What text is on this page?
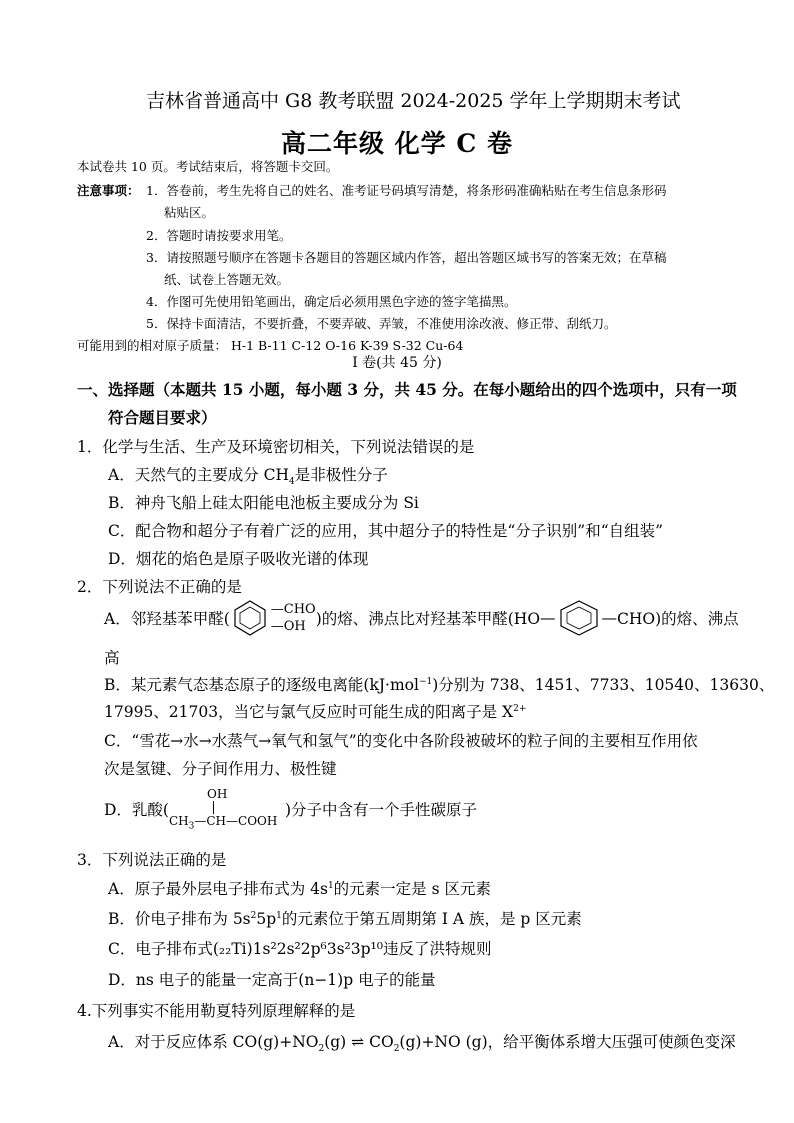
吉林省普通高中 G8 教考联盟 2024-2025 学年上学期期末考试
高二年级 化学 C 卷
本试卷共 10 页。考试结束后，将答题卡交回。
注意事项： 1．答卷前，考生先将自己的姓名、准考证号码填写清楚，将条形码准确粘贴在考生信息条形码
粘贴区。
2．答题时请按要求用笔。
3．请按照题号顺序在答题卡各题目的答题区域内作答，超出答题区域书写的答案无效；在草稿
纸、试卷上答题无效。
4．作图可先使用铅笔画出，确定后必须用黑色字迹的签字笔描黑。
5．保持卡面清洁，不要折叠，不要弄破、弄皱，不准使用涂改液、修正带、刮纸刀。
可能用到的相对原子质量： H-1 B-11 C-12 O-16 K-39 S-32 Cu-64
I 卷(共 45 分)
一、选择题（本题共 15 小题，每小题 3 分，共 45 分。在每小题给出的四个选项中，只有一项
符合题目要求）
1．化学与生活、生产及环境密切相关，下列说法错误的是
A．天然气的主要成分 $CH_4$是非极性分子
B．神舟飞船上硅太阳能电池板主要成分为 Si
C．配合物和超分子有着广泛的应用，其中超分子的特性是“分子识别”和“自组装”
D．烟花的焰色是原子吸收光谱的体现
2．下列说法不正确的是
A．邻羟基苯甲醛(
—CHO
—OH )的熔、沸点比对羟基苯甲醛(HO —	— CHO)的熔、沸点
高
B．某元素气态基态原子的逐级电离能(kJ·mol$^{-1}$)分别为 738、1451、7733、10540、13630、
17995、21703，当它与氯气反应时可能生成的阳离子是 $X^{2+}$
C．“雪花→水→水蒸气→氧气和氢气”的变化中各阶段被破坏的粒子间的主要相互作用依
次是氢键、分子间作用力、极性键
D．乳酸(
OH
$CH_3—CH—COOH$
)分子中含有一个手性碳原子
3．下列说法正确的是
A．原子最外层电子排布式为 $4s^1$的元素一定是 s 区元素
B．价电子排布为 $5s^25p^1$的元素位于第五周期第 I A 族，是 p 区元素
C．电子排布式(₂₂Ti)1s²2s²2p⁶3s²3p¹⁰违反了洪特规则
D．ns 电子的能量一定高于(n−1)p 电子的能量
4.下列事实不能用勒夏特列原理解释的是
A．对于反应体系 $CO(g)+NO_2(g)$ ⇌ $CO_2(g)+NO$ (g)，给平衡体系增大压强可使颜色变深
